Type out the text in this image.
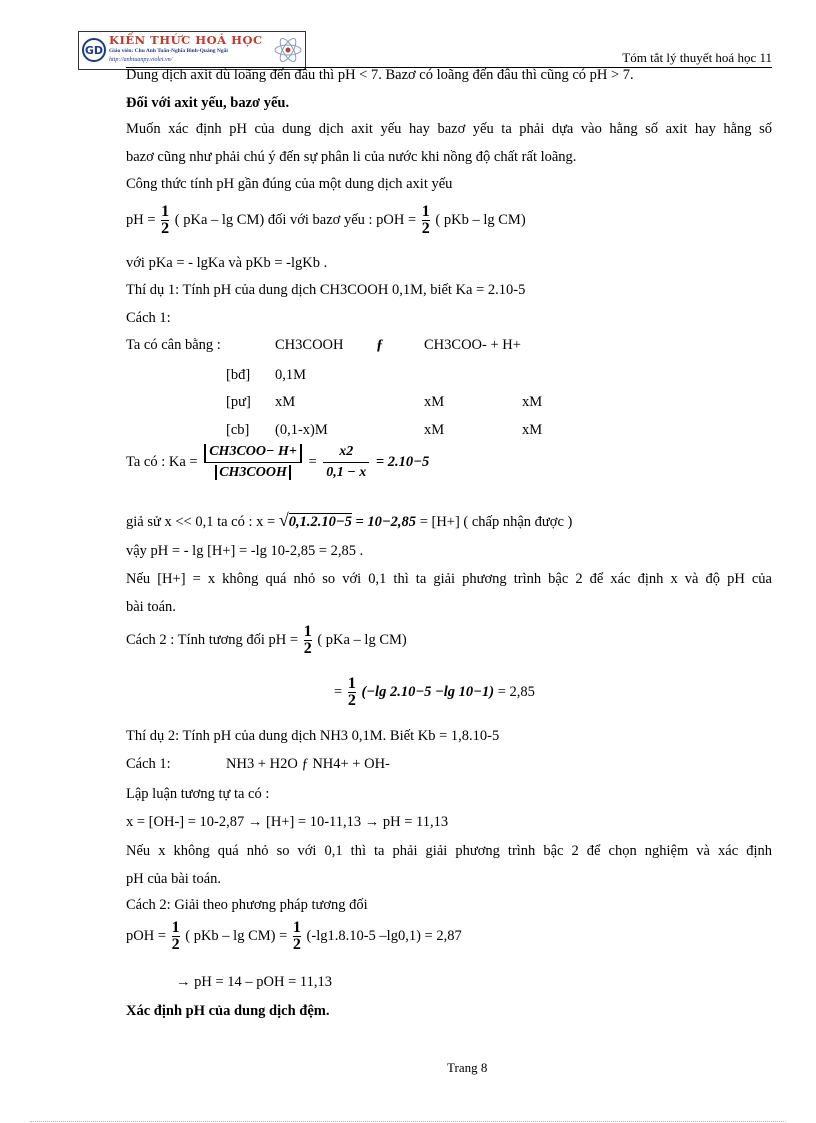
GD
KIẾN THỨC HOÁ HỌC
Giáo viên: Chu Anh Tuấn-Nghĩa Bình-Quảng Ngãi
http://anhtuanpy.violet.vn/	Tóm tắt lý thuyết hoá học 11
Dung dịch axit dù loãng đến đâu thì pH < 7. Bazơ có loãng đến đâu thì cũng có pH > 7.
Đối với axit yếu, bazơ yếu.
Muốn xác định pH của dung dịch axit yếu hay bazơ yếu ta phải dựa vào hằng số axit hay hằng số
bazơ cũng như phải chú ý đến sự phân li của nước khi nồng độ chất rất loãng.
Công thức tính pH gần đúng của một dung dịch axit yếu
pH = $\frac{1}{2}$ ( pKa – lg CM) đối với bazơ yếu : pOH = $\frac{1}{2}$ ( pKb – lg CM)
với pKa = - lgKa và pKb = -lgKb .
Thí dụ 1: Tính pH của dung dịch CH3COOH 0,1M, biết Ka = 2.10-5
Cách 1:
Ta có cân bằng :	CH3COOH ƒ	CH3COO- + H+
[bđ] 0,1M
[pư] xM	xM	xM
[cb] (0,1-x)M	xM	xM
Ta có : Ka =
CH3COO− H+
CH3COOH
= $\frac{x2}{0,1 - x} = 2.10-5$
giả sử x << 0,1 ta có : x = √0,1.2.10−5 = 10−2,85 = [H+] ( chấp nhận được )
vậy pH = - lg [H+] = -lg 10-2,85 = 2,85 .
Nếu [H+] = x không quá nhỏ so với 0,1 thì ta giải phương trình bậc 2 để xác định x và độ pH của
bài toán.
Cách 2 : Tính tương đối pH = $\frac{1}{2}$ ( pKa – lg CM)
= $\frac{1}{2} (-\lg$ 2.10−5 −lg 10−1) = 2,85
Thí dụ 2: Tính pH của dung dịch NH3 0,1M. Biết Kb = 1,8.10-5
Cách 1:	NH3 + H2O ƒ NH4+ + OH-
Lập luận tương tự ta có :
x = [OH-] = 10-2,87 → [H+] = 10-11,13 → pH = 11,13
Nếu x không quá nhỏ so với 0,1 thì ta phải giải phương trình bậc 2 để chọn nghiệm và xác định
pH của bài toán.
Cách 2: Giải theo phương pháp tương đối
pOH = $\frac{1}{2}$ ( pKb – $\lg CM) = \frac{1}{2} (-\lg 1.8.10-5$ –lg0,1) = 2,87
→ pH = 14 – pOH = 11,13
Xác định pH của dung dịch đệm.
Trang 8
